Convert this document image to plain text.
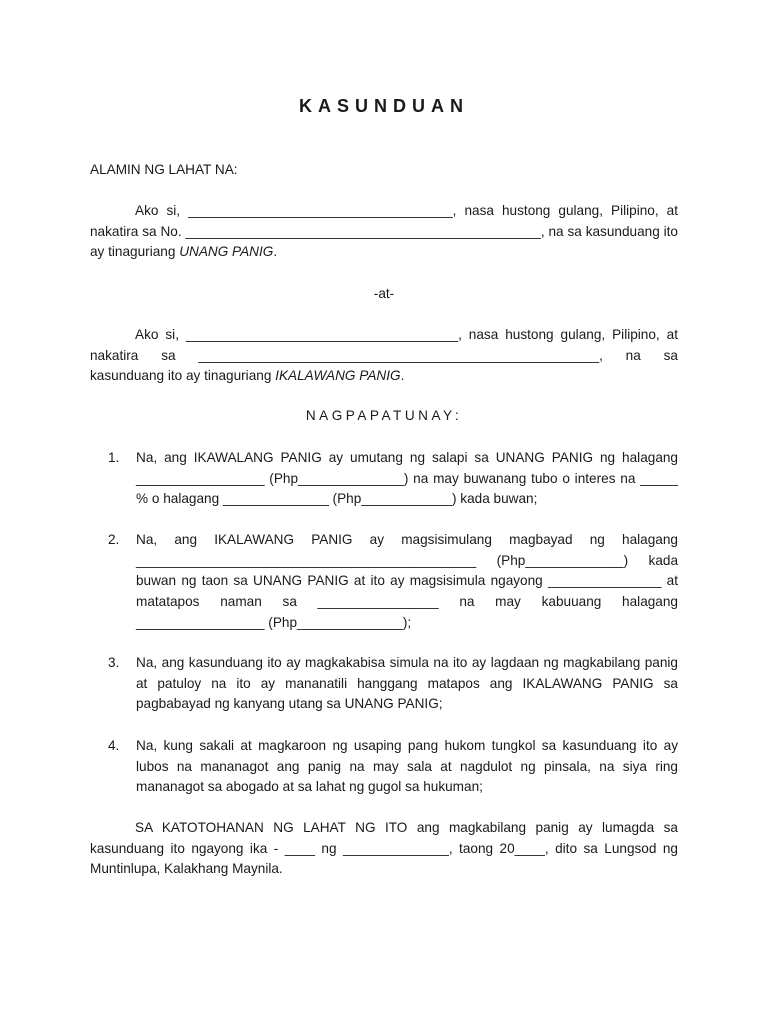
KASUNDUAN
ALAMIN NG LAHAT NA:
Ako si, ___________________________________, nasa hustong gulang, Pilipino, at nakatira sa No. _______________________________________________, na sa kasunduang ito ay tinaguriang UNANG PANIG.
-at-
Ako si, ____________________________________, nasa hustong gulang, Pilipino, at nakatira sa _____________________________________________________, na sa kasunduang ito ay tinaguriang IKALAWANG PANIG.
NAGPAPATUNAY:
1.	Na, ang IKAWALANG PANIG ay umutang ng salapi sa UNANG PANIG ng halagang _________________ (Php______________) na may buwanang tubo o interes na _____ % o halagang ______________ (Php____________) kada buwan;
2.	Na, ang IKALAWANG PANIG ay magsisimulang magbayad ng halagang _____________________________________________ (Php_____________) kada buwan ng taon sa UNANG PANIG at ito ay magsisimula ngayong _______________ at matatapos naman sa ________________ na may kabuuang halagang _________________ (Php______________);
3.	Na, ang kasunduang ito ay magkakabisa simula na ito ay lagdaan ng magkabilang panig at patuloy na ito ay mananatili hanggang matapos ang IKALAWANG PANIG sa pagbabayad ng kanyang utang sa UNANG PANIG;
4.	Na, kung sakali at magkaroon ng usaping pang hukom tungkol sa kasunduang ito ay lubos na mananagot ang panig na may sala at nagdulot ng pinsala, na siya ring mananagot sa abogado at sa lahat ng gugol sa hukuman;
SA KATOTOHANAN NG LAHAT NG ITO ang magkabilang panig ay lumagda sa kasunduang ito ngayong ika - ____ ng ______________, taong 20____, dito sa Lungsod ng Muntinlupa, Kalakhang Maynila.
